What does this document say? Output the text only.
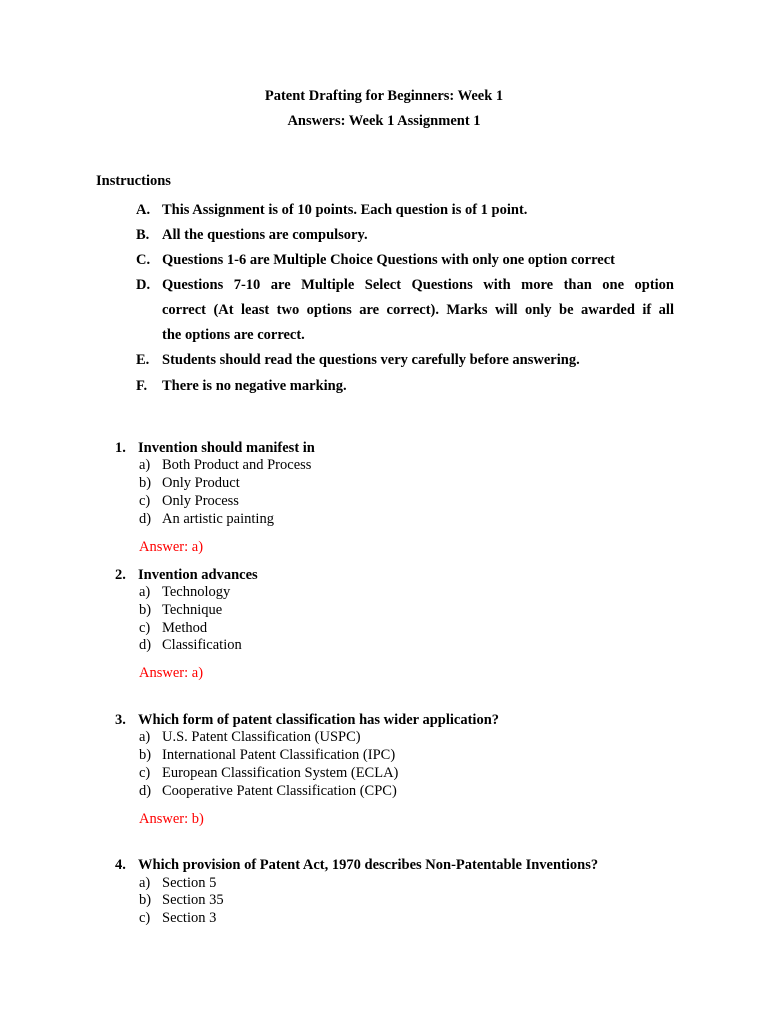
Patent Drafting for Beginners: Week 1
Answers: Week 1 Assignment 1
Instructions
A. This Assignment is of 10 points. Each question is of 1 point.
B. All the questions are compulsory.
C. Questions 1-6 are Multiple Choice Questions with only one option correct
D. Questions 7-10 are Multiple Select Questions with more than one option
correct (At least two options are correct). Marks will only be awarded if all
the options are correct.
E. Students should read the questions very carefully before answering.
F.	There is no negative marking.
1. Invention should manifest in
a) Both Product and Process
b) Only Product
c) Only Process
d) An artistic painting
Answer: a)
2. Invention advances
a) Technology
b) Technique
c) Method
d) Classification
Answer: a)
3. Which form of patent classification has wider application?
a) U.S. Patent Classification (USPC)
b) International Patent Classification (IPC)
c) European Classification System (ECLA)
d) Cooperative Patent Classification (CPC)
Answer: b)
4. Which provision of Patent Act, 1970 describes Non-Patentable Inventions?
a) Section 5
b) Section 35
c) Section 3
